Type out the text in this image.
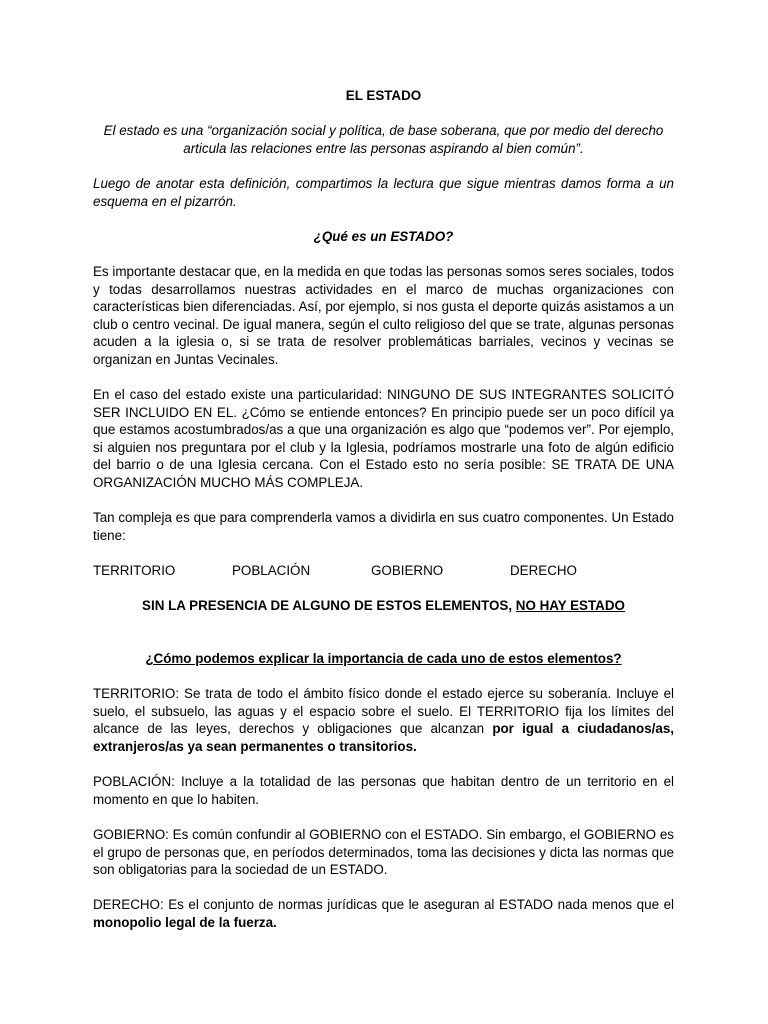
EL ESTADO

El estado es una “organización social y política, de base soberana, que por medio del derecho articula las relaciones entre las personas aspirando al bien común”.

Luego de anotar esta definición, compartimos la lectura que sigue mientras damos forma a un esquema en el pizarrón.

¿Qué es un ESTADO?

Es importante destacar que, en la medida en que todas las personas somos seres sociales, todos y todas desarrollamos nuestras actividades en el marco de muchas organizaciones con características bien diferenciadas. Así, por ejemplo, si nos gusta el deporte quizás asistamos a un club o centro vecinal. De igual manera, según el culto religioso del que se trate, algunas personas acuden a la iglesia o, si se trata de resolver problemáticas barriales, vecinos y vecinas se organizan en Juntas Vecinales.

En el caso del estado existe una particularidad: NINGUNO DE SUS INTEGRANTES SOLICITÓ SER INCLUIDO EN EL. ¿Cómo se entiende entonces? En principio puede ser un poco difícil ya que estamos acostumbrados/as a que una organización es algo que “podemos ver”. Por ejemplo, si alguien nos preguntara por el club y la Iglesia, podríamos mostrarle una foto de algún edificio del barrio o de una Iglesia cercana. Con el Estado esto no sería posible: SE TRATA DE UNA ORGANIZACIÓN MUCHO MÁS COMPLEJA.

Tan compleja es que para comprenderla vamos a dividirla en sus cuatro componentes. Un Estado tiene:

TERRITORIO	POBLACIÓN	GOBIERNO	DERECHO

SIN LA PRESENCIA DE ALGUNO DE ESTOS ELEMENTOS, NO HAY ESTADO

¿Cómo podemos explicar la importancia de cada uno de estos elementos?

TERRITORIO: Se trata de todo el ámbito físico donde el estado ejerce su soberanía. Incluye el suelo, el subsuelo, las aguas y el espacio sobre el suelo. El TERRITORIO fija los límites del alcance de las leyes, derechos y obligaciones que alcanzan por igual a ciudadanos/as, extranjeros/as ya sean permanentes o transitorios.

POBLACIÓN: Incluye a la totalidad de las personas que habitan dentro de un territorio en el momento en que lo habiten.

GOBIERNO: Es común confundir al GOBIERNO con el ESTADO. Sin embargo, el GOBIERNO es el grupo de personas que, en períodos determinados, toma las decisiones y dicta las normas que son obligatorias para la sociedad de un ESTADO.

DERECHO: Es el conjunto de normas jurídicas que le aseguran al ESTADO nada menos que el monopolio legal de la fuerza.
